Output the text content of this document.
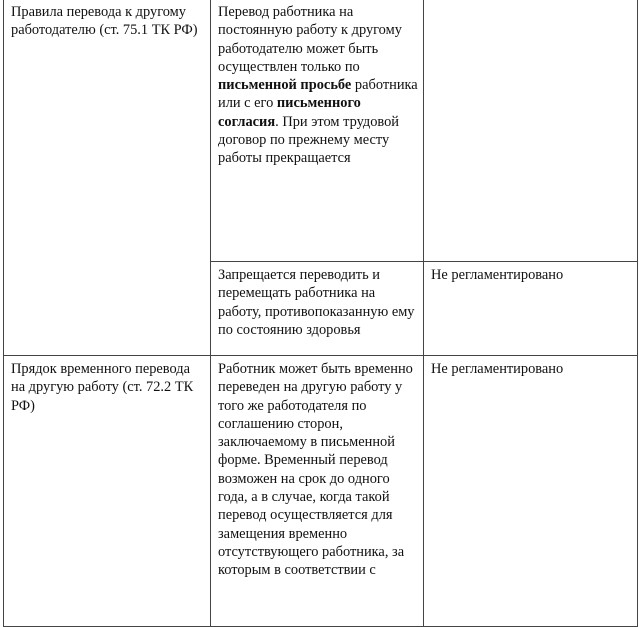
Правила перевода к другому работодателю (ст. 75.1 ТК РФ)	Перевод работника на постоянную работу к другому работодателю может быть осуществлен только по письменной просьбе работника или с его письменного согласия. При этом трудовой договор по прежнему месту работы прекращается	
	Запрещается переводить и перемещать работника на работу, противопоказанную ему по состоянию здоровья	Не регламентировано
Прядок временного перевода на другую работу (ст. 72.2 ТК РФ)	Работник может быть временно переведен на другую работу у того же работодателя по соглашению сторон, заключаемому в письменной форме. Временный перевод возможен на срок до одного года, а в случае, когда такой перевод осуществляется для замещения временно отсутствующего работника, за которым в соответствии с	Не регламентировано
